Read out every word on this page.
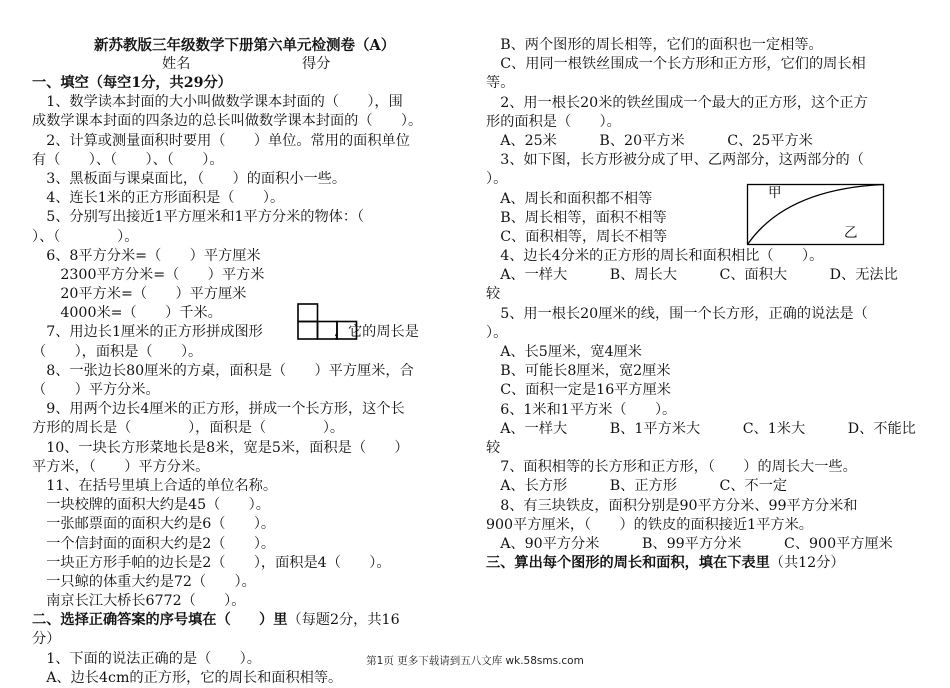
新苏教版三年级数学下册第六单元检测卷（A）
姓名	得分
一、填空（每空1分，共29分）
　1、数学读本封面的大小叫做数学课本封面的（　　），围
成数学课本封面的四条边的总长叫做数学课本封面的（　　）。
　2、计算或测量面积时要用（　　）单位。常用的面积单位
有（　　）、（　　）、（　　）。
　3、黑板面与课桌面比，（　　）的面积小一些。
　4、连长1米的正方形面积是（　　）。
　5、分别写出接近1平方厘米和1平方分米的物体：（
）、（　　　　）。
　6、8平方分米=（　　）平方厘米
　　2300平方分米=（　　）平方米
　　20平方米=（　　）平方厘米
　　4000米=（　　）千米。
　7、用边长1厘米的正方形拼成图形　　　　　，它的周长是
（　　），面积是（　　）。
　8、一张边长80厘米的方桌，面积是（　　）平方厘米，合
（　　）平方分米。
　9、用两个边长4厘米的正方形，拼成一个长方形，这个长
方形的周长是（　　　　），面积是（　　　　）。
　10、一块长方形菜地长是8米，宽是5米，面积是（　　）
平方米，（　　）平方分米。
　11、在括号里填上合适的单位名称。
　一块校牌的面积大约是45（　　）。
　一张邮票面的面积大约是6（　　）。
　一个信封面的面积大约是2（　　）。
　一块正方形手帕的边长是2（　　），面积是4（　　）。
　一只鲸的体重大约是72（　　）。
　南京长江大桥长6772（　　）。
二、选择正确答案的序号填在（　　）里（每题2分，共16
分）
　1、下面的说法正确的是（　　）。
　A、边长4cm的正方形，它的周长和面积相等。
　B、两个图形的周长相等，它们的面积也一定相等。
　C、用同一根铁丝围成一个长方形和正方形，它们的周长相
等。
　2、用一根长20米的铁丝围成一个最大的正方形，这个正方
形的面积是（　　）。
　A、25米　　　B、20平方米　　　C、25平方米
　3、如下图，长方形被分成了甲、乙两部分，这两部分的（
）。
　A、周长和面积都不相等
　B、周长相等，面积不相等
　C、面积相等，周长不相等
　4、边长4分米的正方形的周长和面积相比（　　）。
　A、一样大　　　B、周长大　　　C、面积大　　　D、无法比
较
　5、用一根长20厘米的线，围一个长方形，正确的说法是（
）。
　A、长5厘米，宽4厘米
　B、可能长8厘米，宽2厘米
　C、面积一定是16平方厘米
　6、1米和1平方米（　　）。
　A、一样大　　　B、1平方米大　　　C、1米大　　　D、不能比
较
　7、面积相等的长方形和正方形，（　　）的周长大一些。
　A、长方形　　　B、正方形　　　C、不一定
　8、有三块铁皮，面积分别是90平方分米、99平方分米和
900平方厘米，（　　）的铁皮的面积接近1平方米。
　A、90平方分米　　　B、99平方分米　　　C、900平方厘米
三、算出每个图形的周长和面积，填在下表里（共12分）
甲
乙
第1页 更多下载请到五八文库 wk.58sms.com
